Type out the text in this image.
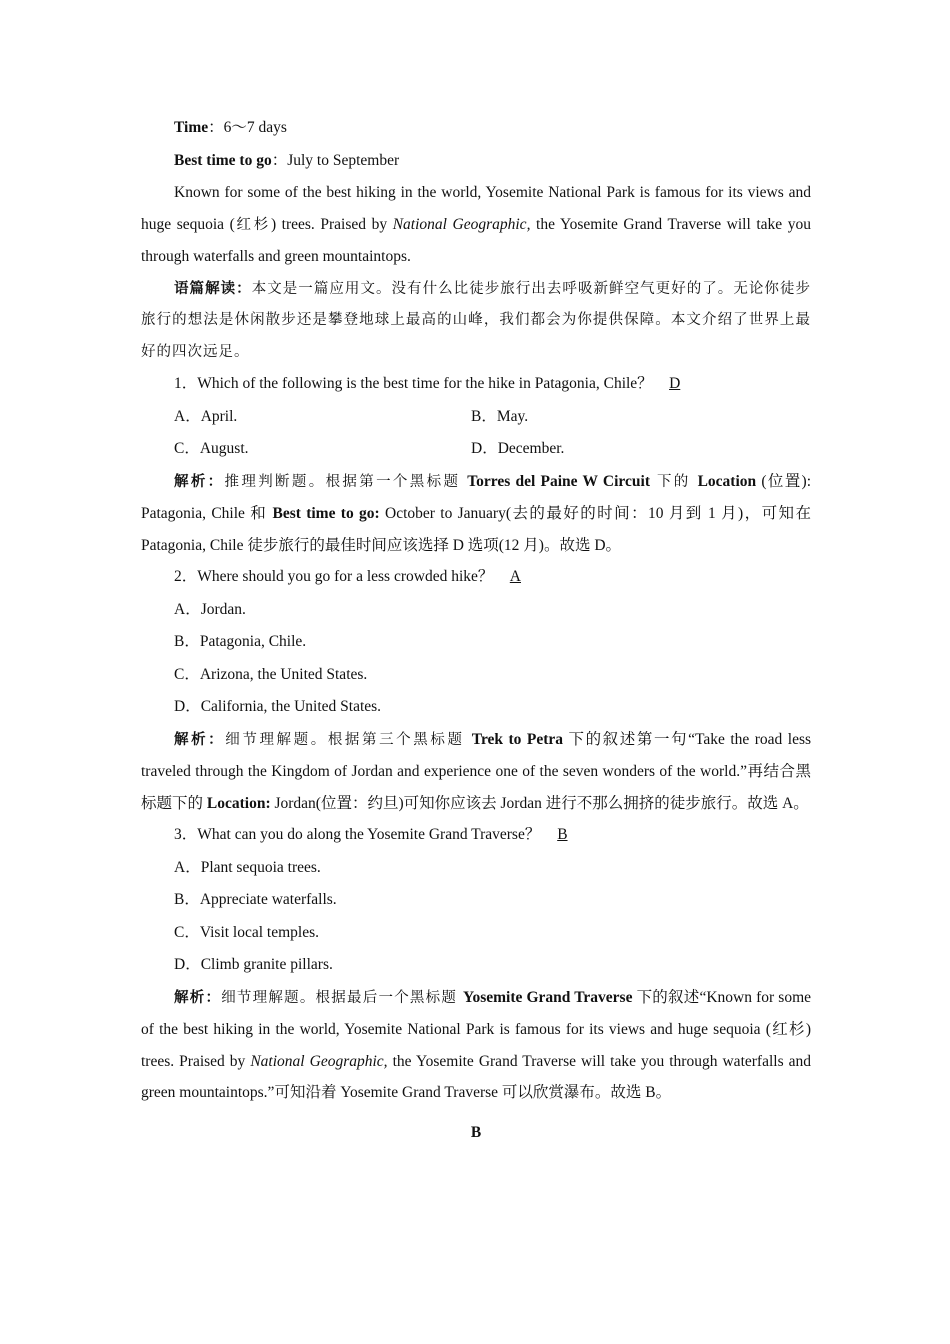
Time：6～7 days
Best time to go：July to September
Known for some of the best hiking in the world, Yosemite National Park is famous for its views and huge sequoia (红杉) trees. Praised by National Geographic, the Yosemite Grand Traverse will take you through waterfalls and green mountaintops.
语篇解读：本文是一篇应用文。没有什么比徒步旅行出去呼吸新鲜空气更好的了。无论你徒步旅行的想法是休闲散步还是攀登地球上最高的山峰，我们都会为你提供保障。本文介绍了世界上最好的四次远足。
1．Which of the following is the best time for the hike in Patagonia, Chile？ D
A．April.	B．May.
C．August.	D．December.
解析：推理判断题。根据第一个黑标题 Torres del Paine W Circuit 下的 Location (位置): Patagonia, Chile 和 Best time to go: October to January(去的最好的时间：10 月到 1 月)，可知在 Patagonia, Chile 徒步旅行的最佳时间应该选择 D 选项(12 月)。故选 D。
2．Where should you go for a less crowded hike？ A
A．Jordan.
B．Patagonia, Chile.
C．Arizona, the United States.
D．California, the United States.
解析：细节理解题。根据第三个黑标题 Trek to Petra 下的叙述第一句“Take the road less traveled through the Kingdom of Jordan and experience one of the seven wonders of the world.”再结合黑标题下的 Location: Jordan(位置：约旦)可知你应该去 Jordan 进行不那么拥挤的徒步旅行。故选 A。
3．What can you do along the Yosemite Grand Traverse？ B
A．Plant sequoia trees.
B．Appreciate waterfalls.
C．Visit local temples.
D．Climb granite pillars.
解析：细节理解题。根据最后一个黑标题 Yosemite Grand Traverse 下的叙述“Known for some of the best hiking in the world, Yosemite National Park is famous for its views and huge sequoia (红杉) trees. Praised by National Geographic, the Yosemite Grand Traverse will take you through waterfalls and green mountaintops.”可知沿着 Yosemite Grand Traverse 可以欣赏瀑布。故选 B。
B
